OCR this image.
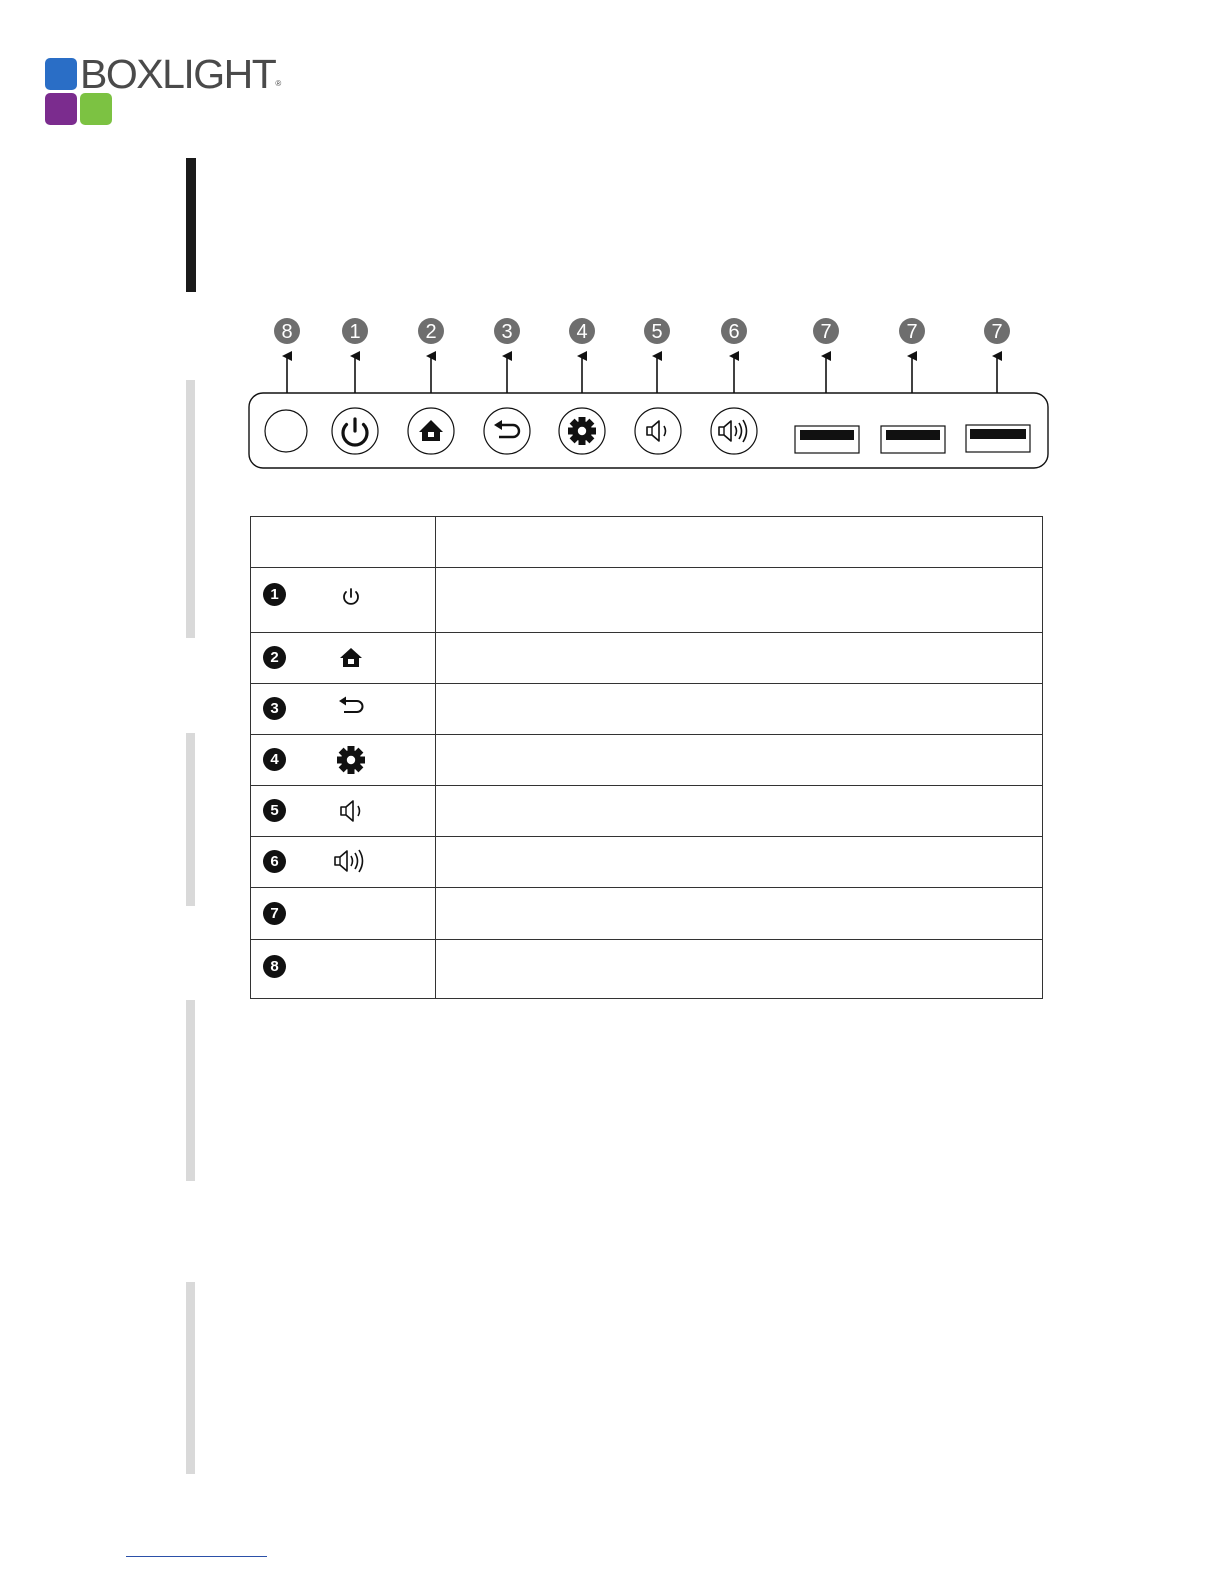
BOXLIGHT®
8	1	2	3	4	5	6	7	7	7

1	

2	

3	

4	

5	

6	

7	

8	
